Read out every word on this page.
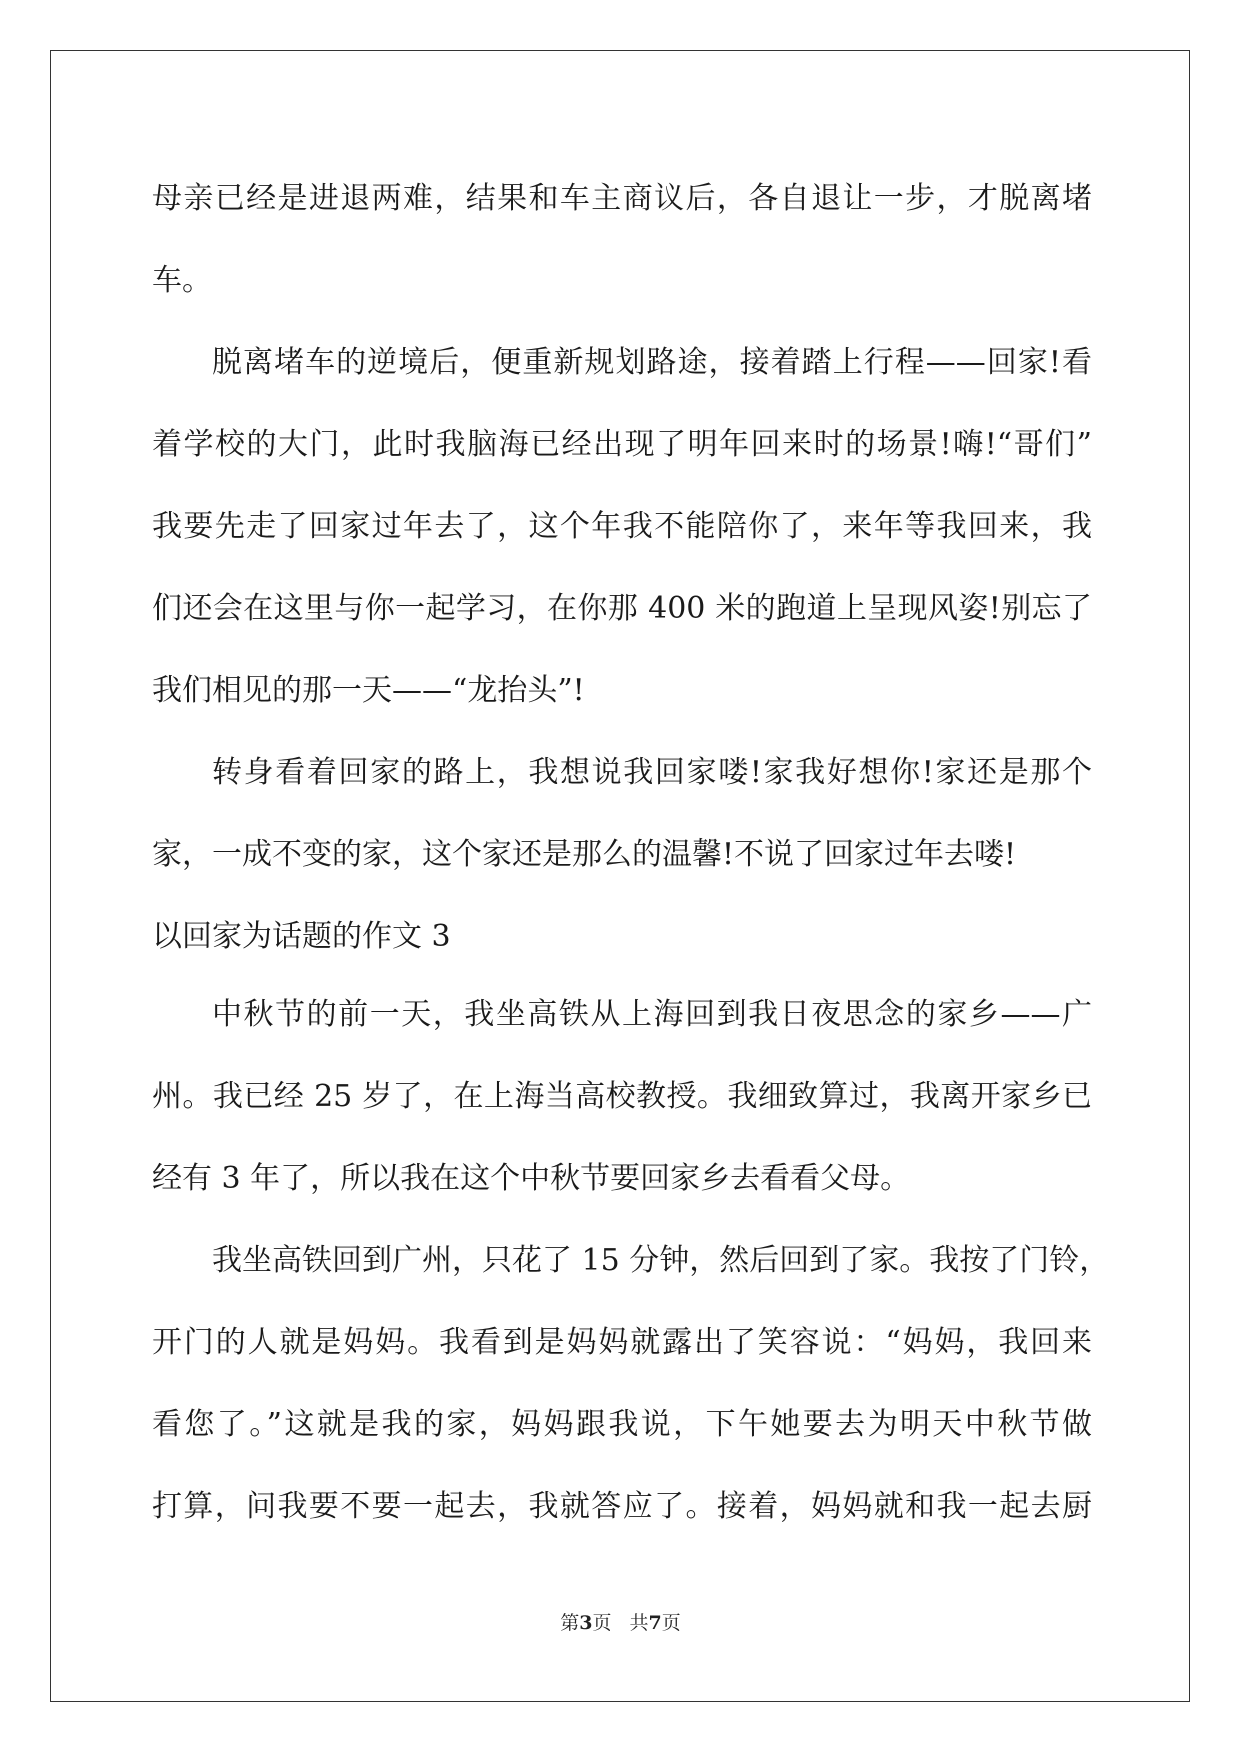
母亲已经是进退两难，结果和车主商议后，各自退让一步，才脱离堵
车。
脱离堵车的逆境后，便重新规划路途，接着踏上行程——回家!看
着学校的大门，此时我脑海已经出现了明年回来时的场景!嗨!“哥们”
我要先走了回家过年去了，这个年我不能陪你了，来年等我回来，我
们还会在这里与你一起学习，在你那 400 米的跑道上呈现风姿!别忘了
我们相见的那一天——“龙抬头”!
转身看着回家的路上，我想说我回家喽!家我好想你!家还是那个
家，一成不变的家，这个家还是那么的温馨!不说了回家过年去喽!
以回家为话题的作文 3
中秋节的前一天，我坐高铁从上海回到我日夜思念的家乡——广
州。我已经 25 岁了，在上海当高校教授。我细致算过，我离开家乡已
经有 3 年了，所以我在这个中秋节要回家乡去看看父母。
我坐高铁回到广州，只花了 15 分钟，然后回到了家。我按了门铃，
开门的人就是妈妈。我看到是妈妈就露出了笑容说：“妈妈，我回来
看您了。”这就是我的家，妈妈跟我说，下午她要去为明天中秋节做
打算，问我要不要一起去，我就答应了。接着，妈妈就和我一起去厨
第3页 共7页
